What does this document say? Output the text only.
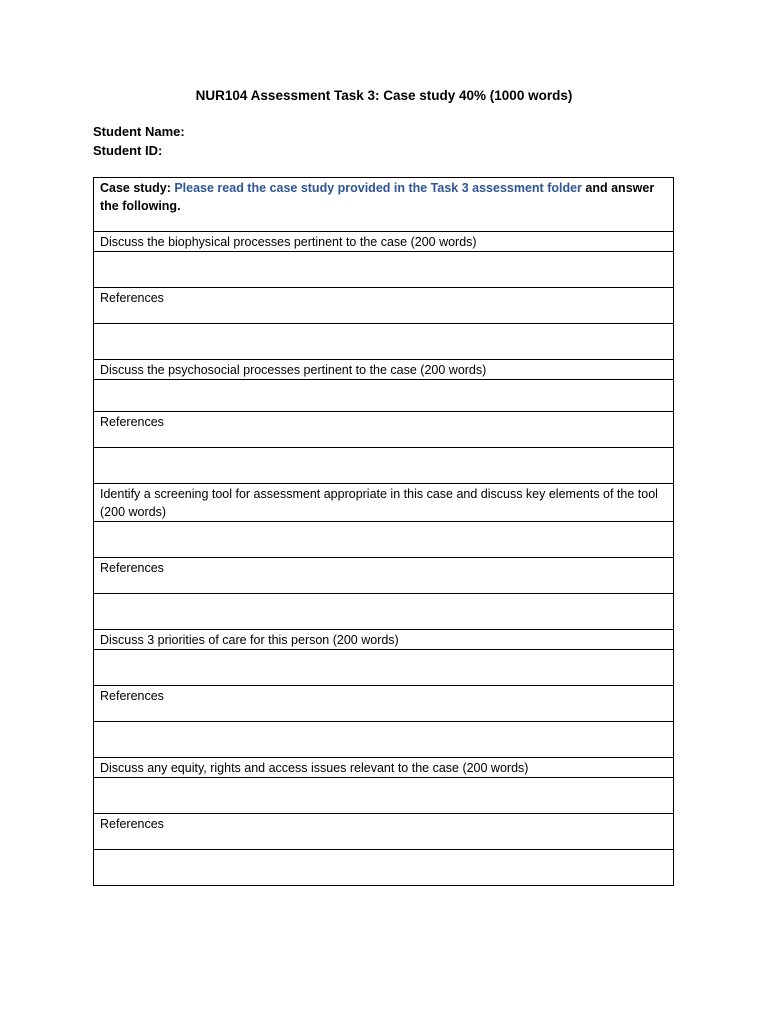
NUR104 Assessment Task 3: Case study 40% (1000 words)
Student Name:
Student ID:
Case study: Please read the case study provided in the Task 3 assessment folder and answer the following.
Discuss the biophysical processes pertinent to the case (200 words)

References

Discuss the psychosocial processes pertinent to the case (200 words)

References

Identify a screening tool for assessment appropriate in this case and discuss key elements of the tool (200 words)

References

Discuss 3 priorities of care for this person (200 words)

References

Discuss any equity, rights and access issues relevant to the case (200 words)

References
